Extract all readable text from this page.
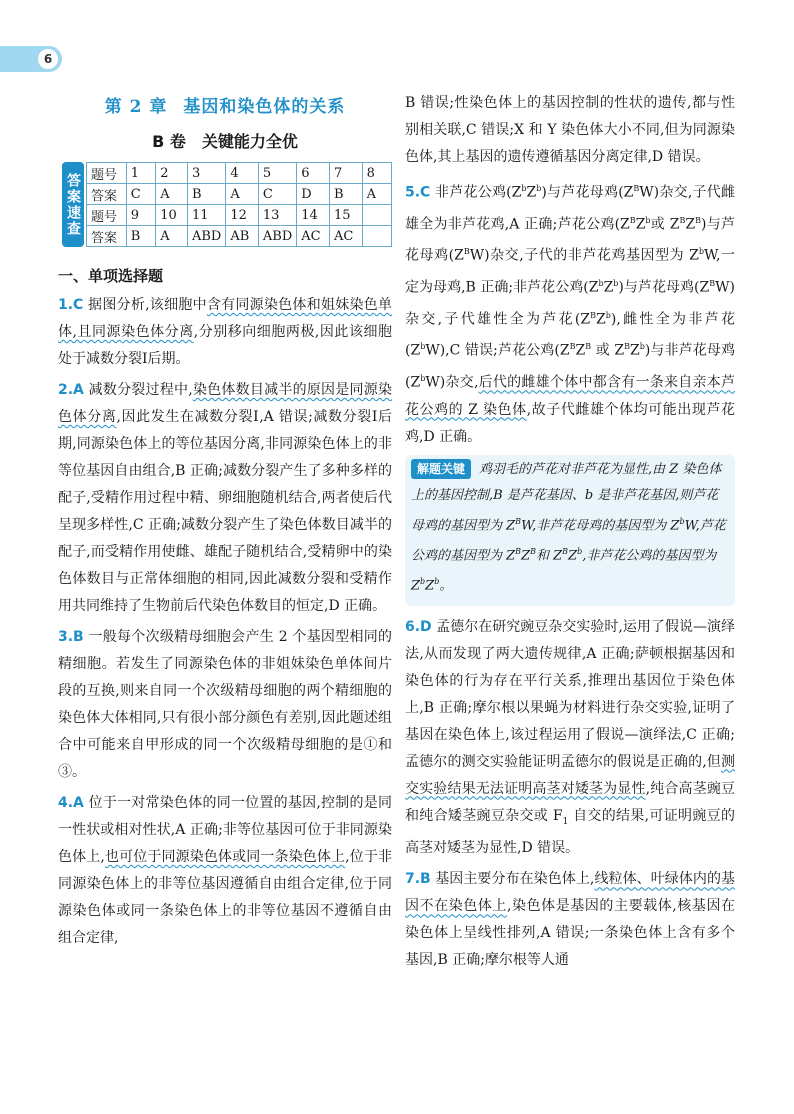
6
第 2 章 基因和染色体的关系
B 卷　关键能力全优
答案速查 题号	1	2	3	4	5	6	7	8
答案	C	A	B	A	C	D	B	A
题号	9	10	11	12	13	14	15	
答案	B	A	ABD	AB	ABD	AC	AC	
一、单项选择题

1.C 据图分析,该细胞中含有同源染色体和姐妹染色单体,且同源染色体分离,分别移向细胞两极,因此该细胞处于减数分裂Ⅰ后期。

2.A 减数分裂过程中,染色体数目减半的原因是同源染色体分离,因此发生在减数分裂Ⅰ,A 错误;减数分裂Ⅰ后期,同源染色体上的等位基因分离,非同源染色体上的非等位基因自由组合,B 正确;减数分裂产生了多种多样的配子,受精作用过程中精、卵细胞随机结合,两者使后代呈现多样性,C 正确;减数分裂产生了染色体数目减半的配子,而受精作用使雌、雄配子随机结合,受精卵中的染色体数目与正常体细胞的相同,因此减数分裂和受精作用共同维持了生物前后代染色体数目的恒定,D 正确。

3.B 一般每个次级精母细胞会产生 2 个基因型相同的精细胞。若发生了同源染色体的非姐妹染色单体间片段的互换,则来自同一个次级精母细胞的两个精细胞的染色体大体相同,只有很小部分颜色有差别,因此题述组合中可能来自甲形成的同一个次级精母细胞的是①和③。

4.A 位于一对常染色体的同一位置的基因,控制的是同一性状或相对性状,A 正确;非等位基因可位于非同源染色体上,也可位于同源染色体或同一条染色体上,位于非同源染色体上的非等位基因遵循自由组合定律,位于同源染色体或同一条染色体上的非等位基因不遵循自由组合定律,

B 错误;性染色体上的基因控制的性状的遗传,都与性别相关联,C 错误;X 和 Y 染色体大小不同,但为同源染色体,其上基因的遗传遵循基因分离定律,D 错误。

5.C 非芦花公鸡$(Z^bZ^b)$与芦花母鸡$(Z^BW)$杂交,子代雌雄全为非芦花鸡,A 正确;芦花公鸡($Z^BZ^b$或 $Z^BZ^B$)与芦花母鸡$(Z^BW)$杂交,子代的非芦花鸡基因型为 $Z^bW$,一定为母鸡,B 正确;非芦花公鸡$(Z^bZ^b)$与芦花母鸡$(Z^BW)$杂交,子代雄性全为芦花$(Z^BZ^b)$,雌性全为非芦花$(Z^bW),C$ 错误;芦花公鸡($Z^BZ^B$ 或 $Z^BZ^b$)与非芦花母鸡$(Z^bW)$杂交,后代的雌雄个体中都含有一条来自亲本芦花公鸡的 Z 染色体,故子代雌雄个体均可能出现芦花鸡,D 正确。

解题关键 鸡羽毛的芦花对非芦花为显性,由 Z 染色体上的基因控制,B 是芦花基因、b 是非芦花基因,则芦花母鸡的基因型为 $Z^BW$,非芦花母鸡的基因型为 $Z^bW$,芦花公鸡的基因型为 $Z^BZ^B$和 $Z^BZ^b$,非芦花公鸡的基因型为 $Z^bZ^b$。

6.D 孟德尔在研究豌豆杂交实验时,运用了假说—演绎法,从而发现了两大遗传规律,A 正确;萨顿根据基因和染色体的行为存在平行关系,推理出基因位于染色体上,B 正确;摩尔根以果蝇为材料进行杂交实验,证明了基因在染色体上,该过程运用了假说—演绎法,C 正确;孟德尔的测交实验能证明孟德尔的假说是正确的,但测交实验结果无法证明高茎对矮茎为显性,纯合高茎豌豆和纯合矮茎豌豆杂交或 $F_1$ 自交的结果,可证明豌豆的高茎对矮茎为显性,D 错误。

7.B 基因主要分布在染色体上,线粒体、叶绿体内的基因不在染色体上,染色体是基因的主要载体,核基因在染色体上呈线性排列,A 错误;一条染色体上含有多个基因,B 正确;摩尔根等人通
